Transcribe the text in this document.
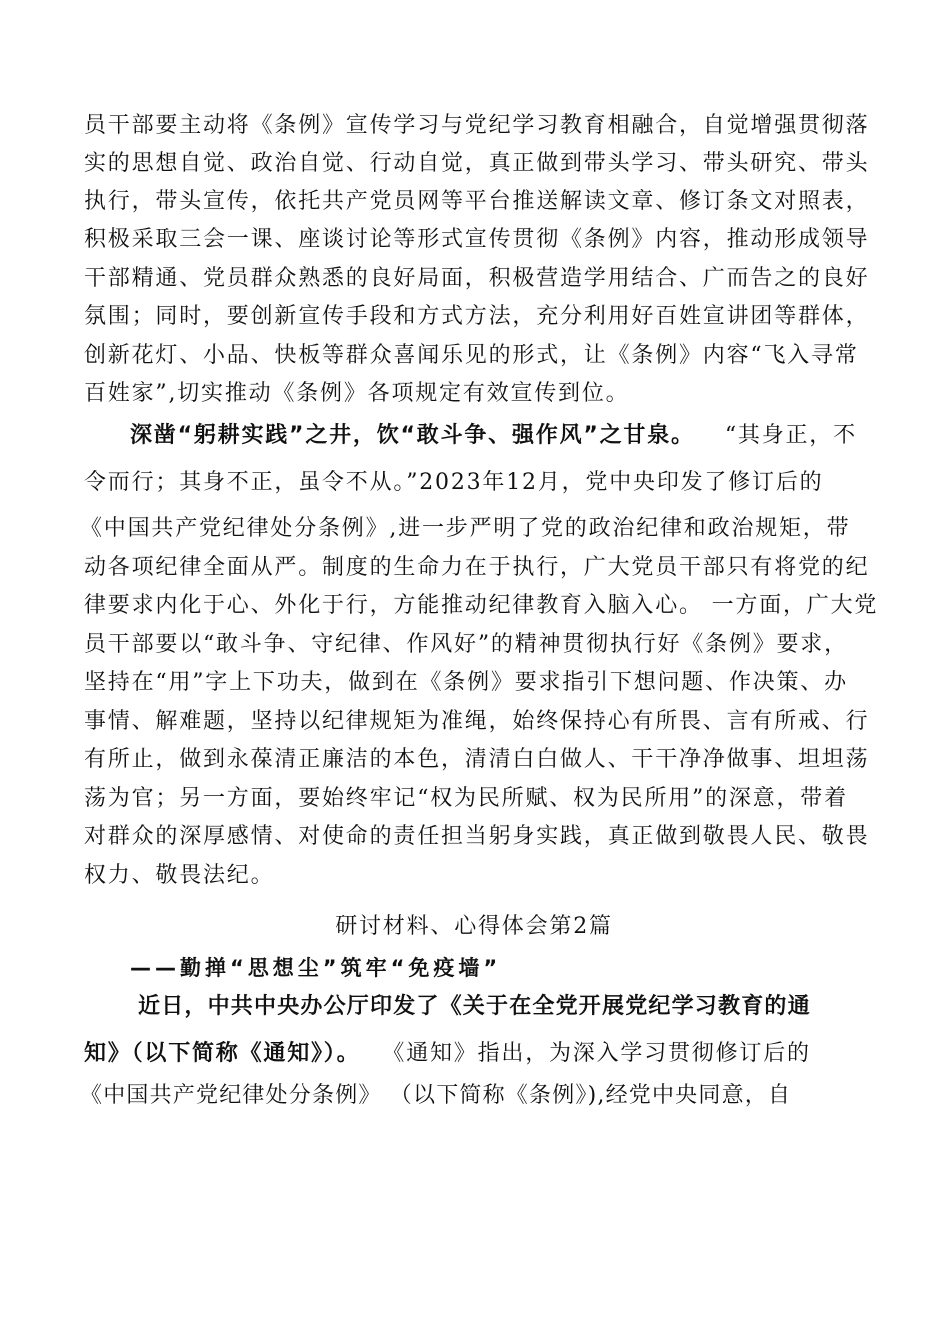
员干部要主动将《条例》宣传学习与党纪学习教育相融合，自觉增强贯彻落
实的思想自觉、政治自觉、行动自觉，真正做到带头学习、带头研究、带头
执行，带头宣传，依托共产党员网等平台推送解读文章、修订条文对照表，
积极采取三会一课、座谈讨论等形式宣传贯彻《条例》内容，推动形成领导
干部精通、党员群众熟悉的良好局面，积极营造学用结合、广而告之的良好
氛围；同时，要创新宣传手段和方式方法，充分利用好百姓宣讲团等群体，
创新花灯、小品、快板等群众喜闻乐见的形式，让《条例》内容“飞入寻常
百姓家”,切实推动《条例》各项规定有效宣传到位。
深凿“躬耕实践”之井，饮“敢斗争、强作风”之甘泉。 “其身正，不
令而行；其身不正，虽令不从。”2023年12月，党中央印发了修订后的
《中国共产党纪律处分条例》,进一步严明了党的政治纪律和政治规矩，带
动各项纪律全面从严。制度的生命力在于执行，广大党员干部只有将党的纪
律要求内化于心、外化于行，方能推动纪律教育入脑入心。 一方面，广大党
员干部要以“敢斗争、守纪律、作风好”的精神贯彻执行好《条例》要求，
坚持在“用”字上下功夫，做到在《条例》要求指引下想问题、作决策、办
事情、解难题，坚持以纪律规矩为准绳，始终保持心有所畏、言有所戒、行
有所止，做到永葆清正廉洁的本色，清清白白做人、干干净净做事、坦坦荡
荡为官；另一方面，要始终牢记“权为民所赋、权为民所用”的深意，带着
对群众的深厚感情、对使命的责任担当躬身实践，真正做到敬畏人民、敬畏
权力、敬畏法纪。
研讨材料、心得体会第2篇
——勤掸“思想尘”筑牢“免疫墙”
近日，中共中央办公厅印发了《关于在全党开展党纪学习教育的通
知》（以下简称《通知》）。 《通知》指出，为深入学习贯彻修订后的
《中国共产党纪律处分条例》 （以下简称《条例》),经党中央同意，自
